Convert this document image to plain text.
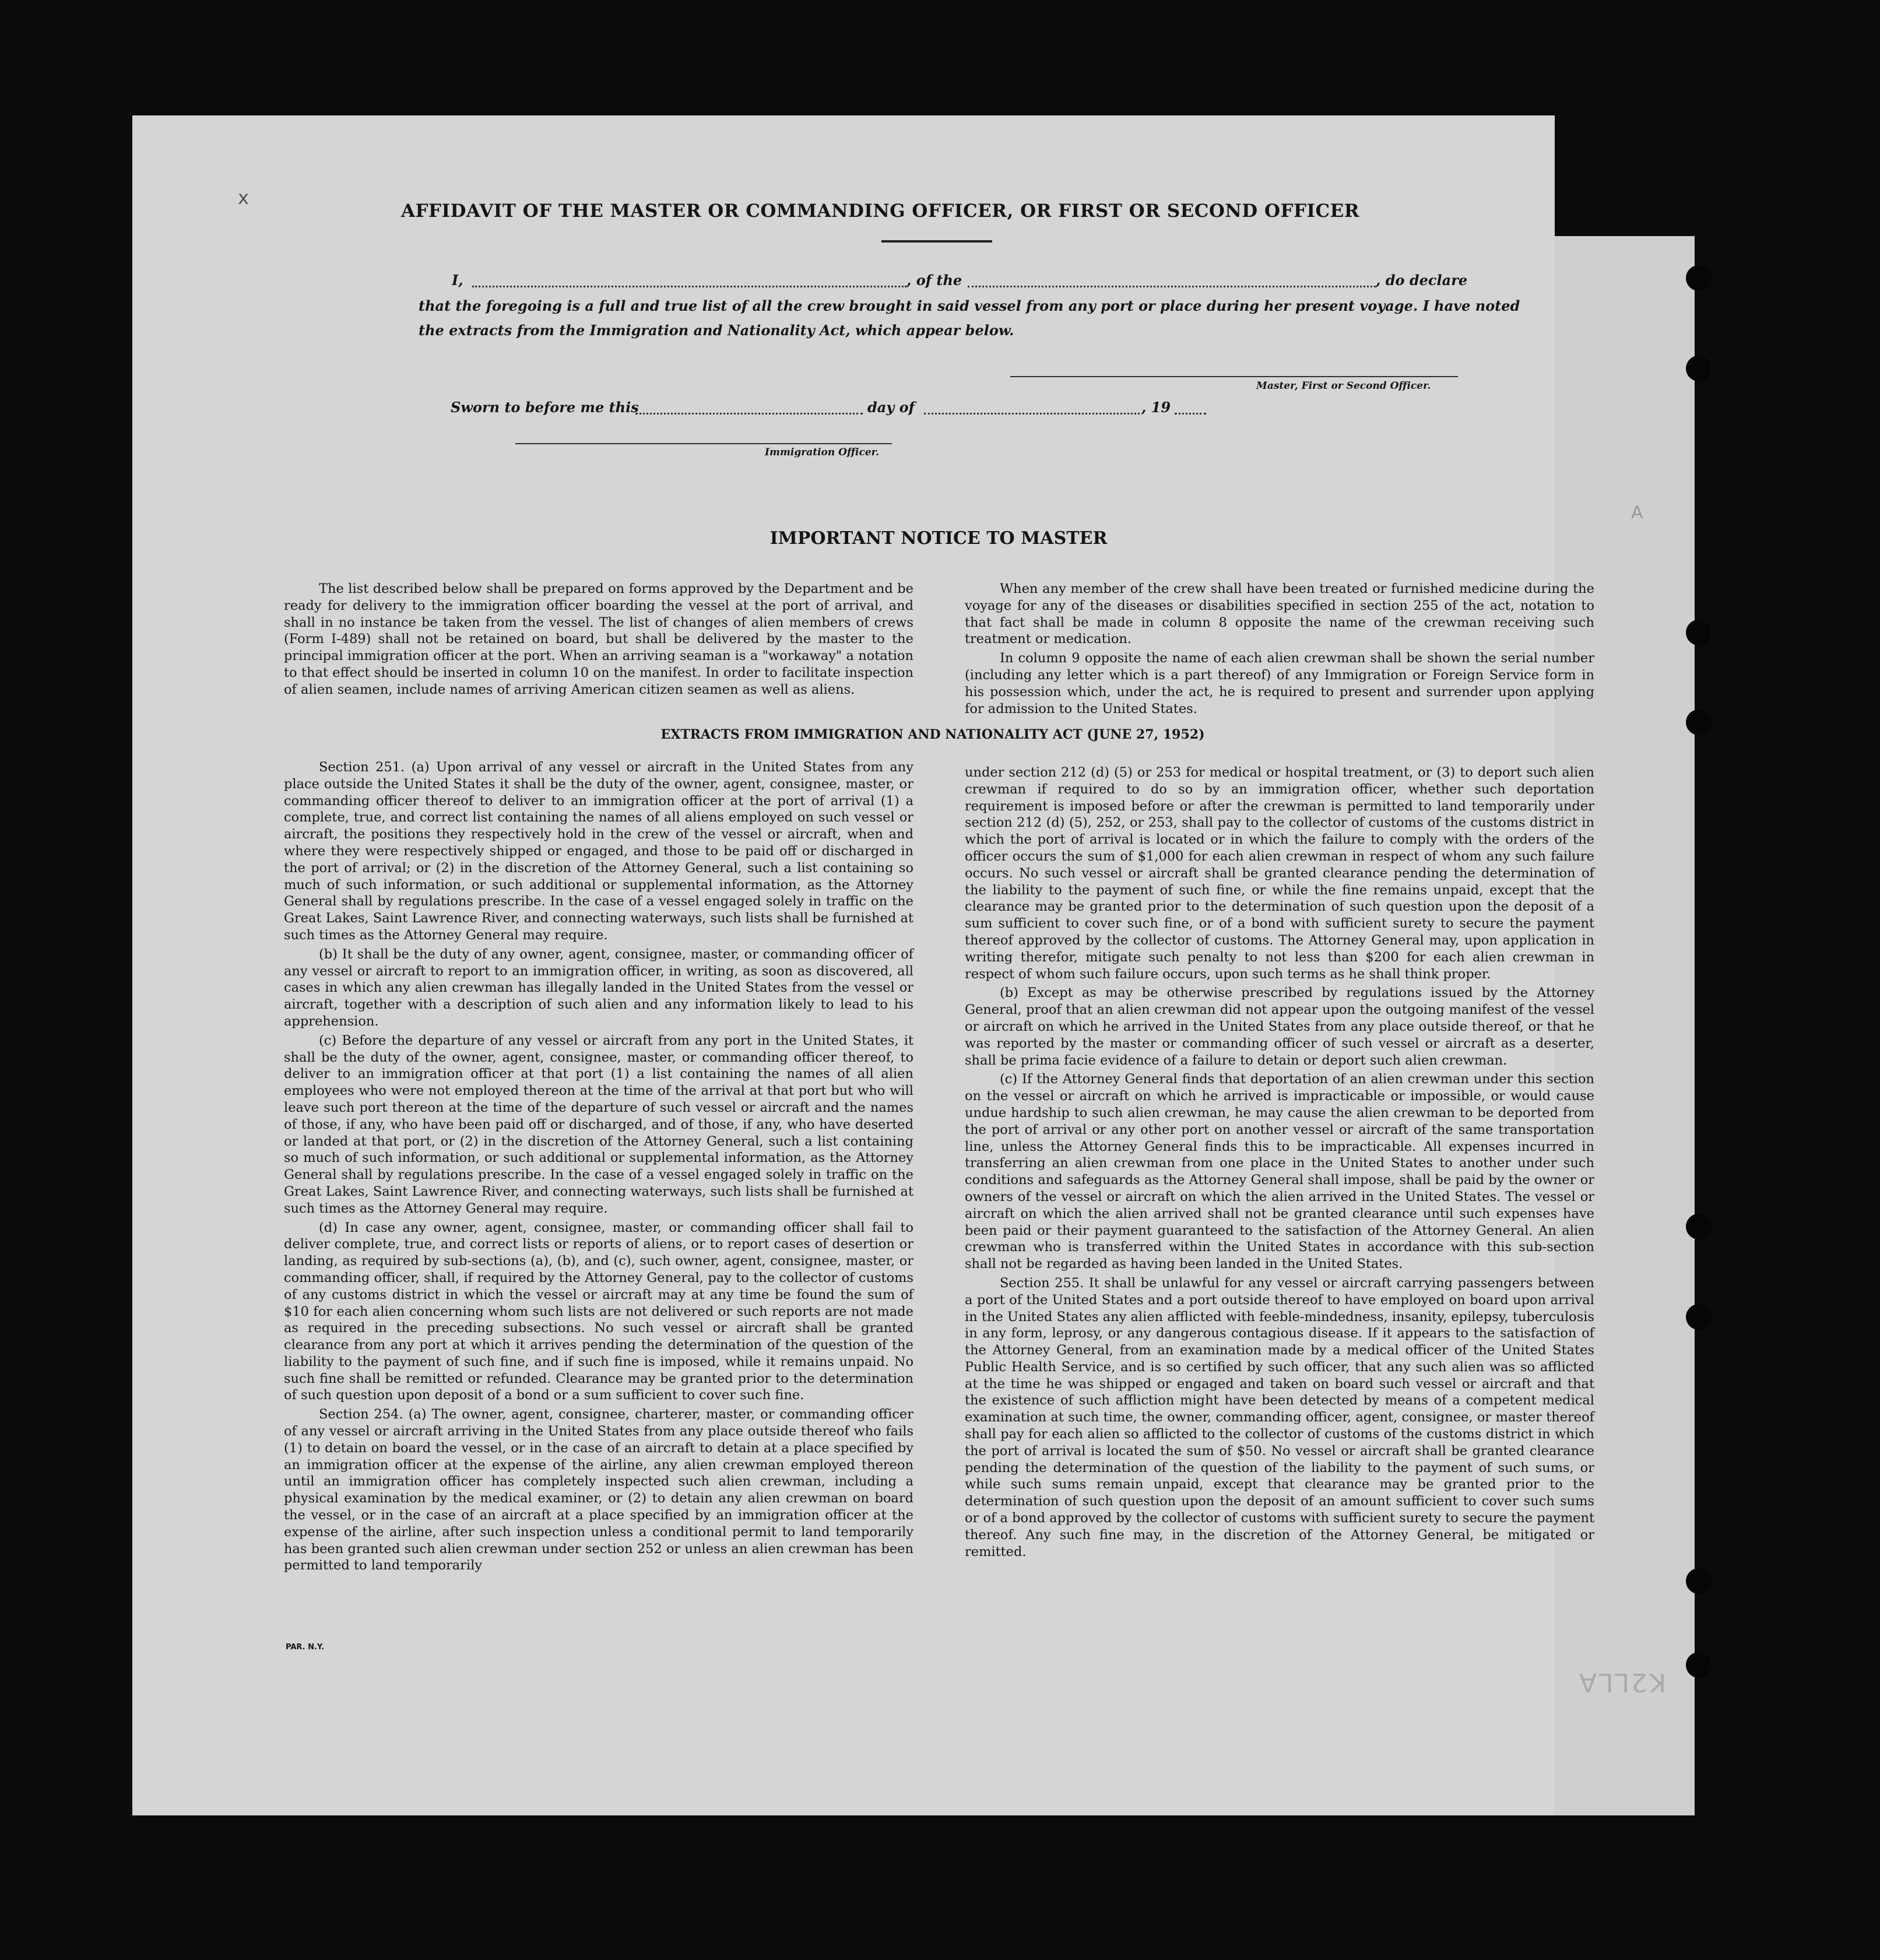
x
A
K2LLA
AFFIDAVIT OF THE MASTER OR COMMANDING OFFICER, OR FIRST OR SECOND OFFICER
I,	, of the	, do declare
that the foregoing is a full and true list of all the crew brought in said vessel from any port or place during her present voyage. I have noted
the extracts from the Immigration and Nationality Act, which appear below.
Master, First or Second Officer.
Sworn to before me this	day of	, 19
Immigration Officer.
IMPORTANT NOTICE TO MASTER

The list described below shall be prepared on forms approved by the Department and be ready for delivery to the immigration officer boarding the vessel at the port of arrival, and shall in no instance be taken from the vessel. The list of changes of alien members of crews (Form I-489) shall not be retained on board, but shall be delivered by the master to the principal immigration officer at the port. When an arriving seaman is a "workaway" a notation to that effect should be inserted in column 10 on the manifest. In order to facilitate inspection of alien seamen, include names of arriving American citizen seamen as well as aliens.

When any member of the crew shall have been treated or furnished medicine during the voyage for any of the diseases or disabilities specified in section 255 of the act, notation to that fact shall be made in column 8 opposite the name of the crewman receiving such treatment or medication.

In column 9 opposite the name of each alien crewman shall be shown the serial number (including any letter which is a part thereof) of any Immigration or Foreign Service form in his possession which, under the act, he is required to present and surrender upon applying for admission to the United States.

EXTRACTS FROM IMMIGRATION AND NATIONALITY ACT (JUNE 27, 1952)

Section 251. (a) Upon arrival of any vessel or aircraft in the United States from any place outside the United States it shall be the duty of the owner, agent, consignee, master, or commanding officer thereof to deliver to an immigration officer at the port of arrival (1) a complete, true, and correct list containing the names of all aliens employed on such vessel or aircraft, the positions they respectively hold in the crew of the vessel or aircraft, when and where they were respectively shipped or engaged, and those to be paid off or discharged in the port of arrival; or (2) in the discretion of the Attorney General, such a list containing so much of such information, or such additional or supplemental information, as the Attorney General shall by regulations prescribe. In the case of a vessel engaged solely in traffic on the Great Lakes, Saint Lawrence River, and connecting waterways, such lists shall be furnished at such times as the Attorney General may require.

(b) It shall be the duty of any owner, agent, consignee, master, or commanding officer of any vessel or aircraft to report to an immigration officer, in writing, as soon as discovered, all cases in which any alien crewman has illegally landed in the United States from the vessel or aircraft, together with a description of such alien and any information likely to lead to his apprehension.

(c) Before the departure of any vessel or aircraft from any port in the United States, it shall be the duty of the owner, agent, consignee, master, or commanding officer thereof, to deliver to an immigration officer at that port (1) a list containing the names of all alien employees who were not employed thereon at the time of the arrival at that port but who will leave such port thereon at the time of the departure of such vessel or aircraft and the names of those, if any, who have been paid off or discharged, and of those, if any, who have deserted or landed at that port, or (2) in the discretion of the Attorney General, such a list containing so much of such information, or such additional or supplemental information, as the Attorney General shall by regulations prescribe. In the case of a vessel engaged solely in traffic on the Great Lakes, Saint Lawrence River, and connecting waterways, such lists shall be furnished at such times as the Attorney General may require.

(d) In case any owner, agent, consignee, master, or commanding officer shall fail to deliver complete, true, and correct lists or reports of aliens, or to report cases of desertion or landing, as required by sub-sections (a), (b), and (c), such owner, agent, consignee, master, or commanding officer, shall, if required by the Attorney General, pay to the collector of customs of any customs district in which the vessel or aircraft may at any time be found the sum of $10 for each alien concerning whom such lists are not delivered or such reports are not made as required in the preceding subsections. No such vessel or aircraft shall be granted clearance from any port at which it arrives pending the determination of the question of the liability to the payment of such fine, and if such fine is imposed, while it remains unpaid. No such fine shall be remitted or refunded. Clearance may be granted prior to the determination of such question upon deposit of a bond or a sum sufficient to cover such fine.

Section 254. (a) The owner, agent, consignee, charterer, master, or commanding officer of any vessel or aircraft arriving in the United States from any place outside thereof who fails (1) to detain on board the vessel, or in the case of an aircraft to detain at a place specified by an immigration officer at the expense of the airline, any alien crewman employed thereon until an immigration officer has completely inspected such alien crewman, including a physical examination by the medical examiner, or (2) to detain any alien crewman on board the vessel, or in the case of an aircraft at a place specified by an immigration officer at the expense of the airline, after such inspection unless a conditional permit to land temporarily has been granted such alien crewman under section 252 or unless an alien crewman has been permitted to land temporarily

under section 212 (d) (5) or 253 for medical or hospital treatment, or (3) to deport such alien crewman if required to do so by an immigration officer, whether such deportation requirement is imposed before or after the crewman is permitted to land temporarily under section 212 (d) (5), 252, or 253, shall pay to the collector of customs of the customs district in which the port of arrival is located or in which the failure to comply with the orders of the officer occurs the sum of $1,000 for each alien crewman in respect of whom any such failure occurs. No such vessel or aircraft shall be granted clearance pending the determination of the liability to the payment of such fine, or while the fine remains unpaid, except that the clearance may be granted prior to the determination of such question upon the deposit of a sum sufficient to cover such fine, or of a bond with sufficient surety to secure the payment thereof approved by the collector of customs. The Attorney General may, upon application in writing therefor, mitigate such penalty to not less than $200 for each alien crewman in respect of whom such failure occurs, upon such terms as he shall think proper.

(b) Except as may be otherwise prescribed by regulations issued by the Attorney General, proof that an alien crewman did not appear upon the outgoing manifest of the vessel or aircraft on which he arrived in the United States from any place outside thereof, or that he was reported by the master or commanding officer of such vessel or aircraft as a deserter, shall be prima facie evidence of a failure to detain or deport such alien crewman.

(c) If the Attorney General finds that deportation of an alien crewman under this section on the vessel or aircraft on which he arrived is impracticable or impossible, or would cause undue hardship to such alien crewman, he may cause the alien crewman to be deported from the port of arrival or any other port on another vessel or aircraft of the same transportation line, unless the Attorney General finds this to be impracticable. All expenses incurred in transferring an alien crewman from one place in the United States to another under such conditions and safeguards as the Attorney General shall impose, shall be paid by the owner or owners of the vessel or aircraft on which the alien arrived in the United States. The vessel or aircraft on which the alien arrived shall not be granted clearance until such expenses have been paid or their payment guaranteed to the satisfaction of the Attorney General. An alien crewman who is transferred within the United States in accordance with this sub-section shall not be regarded as having been landed in the United States.

Section 255. It shall be unlawful for any vessel or aircraft carrying passengers between a port of the United States and a port outside thereof to have employed on board upon arrival in the United States any alien afflicted with feeble-mindedness, insanity, epilepsy, tuberculosis in any form, leprosy, or any dangerous contagious disease. If it appears to the satisfaction of the Attorney General, from an examination made by a medical officer of the United States Public Health Service, and is so certified by such officer, that any such alien was so afflicted at the time he was shipped or engaged and taken on board such vessel or aircraft and that the existence of such affliction might have been detected by means of a competent medical examination at such time, the owner, commanding officer, agent, consignee, or master thereof shall pay for each alien so afflicted to the collector of customs of the customs district in which the port of arrival is located the sum of $50. No vessel or aircraft shall be granted clearance pending the determination of the question of the liability to the payment of such sums, or while such sums remain unpaid, except that clearance may be granted prior to the determination of such question upon the deposit of an amount sufficient to cover such sums or of a bond approved by the collector of customs with sufficient surety to secure the payment thereof. Any such fine may, in the discretion of the Attorney General, be mitigated or remitted.

PAR. N.Y.
